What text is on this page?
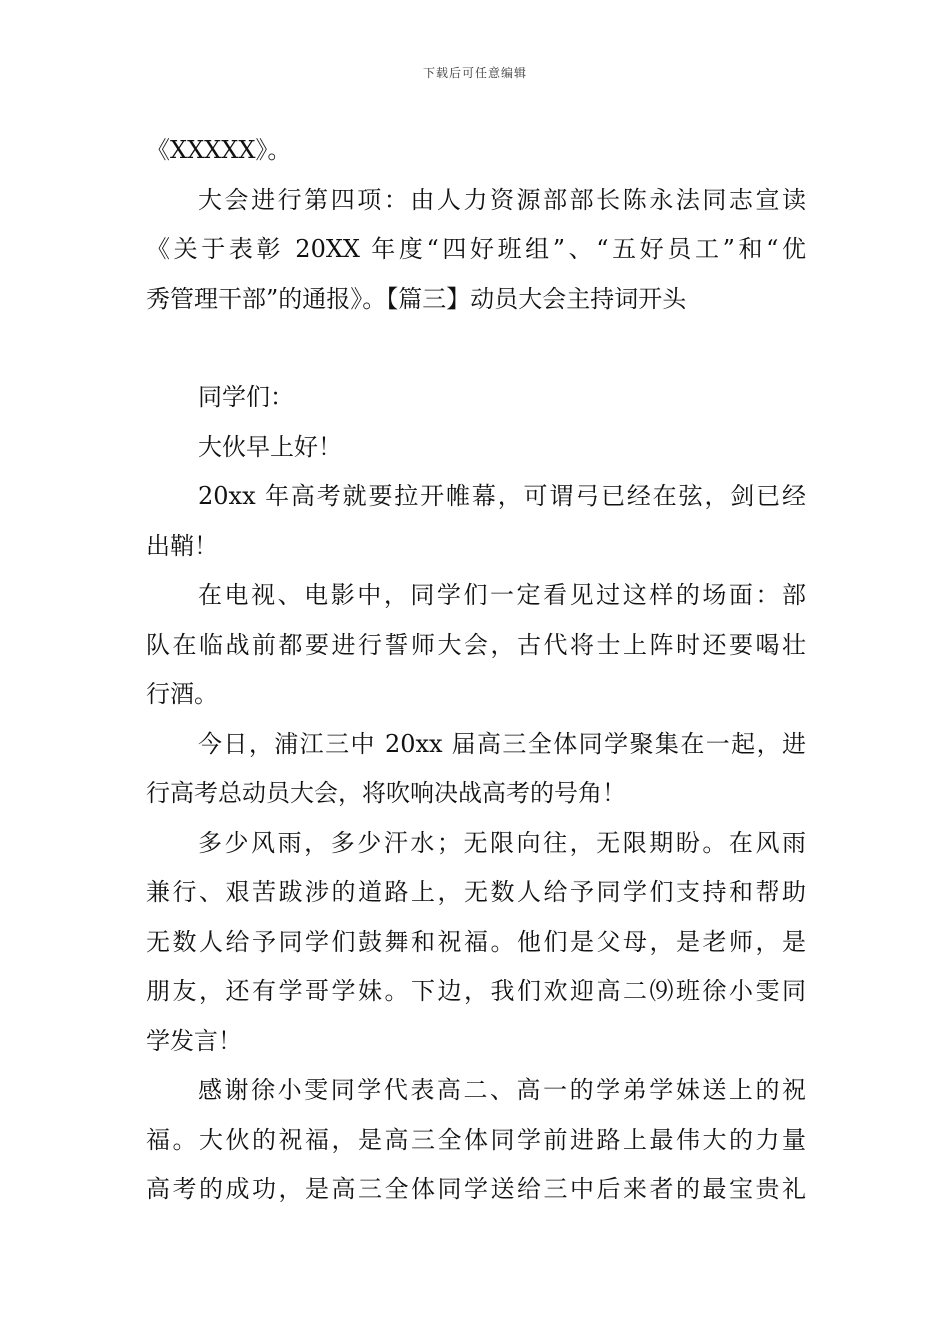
下载后可任意编辑
《XXXXX》。
大会进行第四项：由人力资源部部长陈永法同志宣读
《关于表彰 20XX 年度“四好班组”、“五好员工”和“优
秀管理干部”的通报》。【篇三】动员大会主持词开头
同学们：
大伙早上好！
20xx 年高考就要拉开帷幕，可谓弓已经在弦，剑已经
出鞘！
在电视、电影中，同学们一定看见过这样的场面：部
队在临战前都要进行誓师大会，古代将士上阵时还要喝壮
行酒。
今日，浦江三中 20xx 届高三全体同学聚集在一起，进
行高考总动员大会，将吹响决战高考的号角！
多少风雨，多少汗水；无限向往，无限期盼。在风雨
兼行、艰苦跋涉的道路上，无数人给予同学们支持和帮助
无数人给予同学们鼓舞和祝福。他们是父母，是老师，是
朋友，还有学哥学妹。下边，我们欢迎高二⑼班徐小雯同
学发言！
感谢徐小雯同学代表高二、高一的学弟学妹送上的祝
福。大伙的祝福，是高三全体同学前进路上最伟大的力量
高考的成功，是高三全体同学送给三中后来者的最宝贵礼
